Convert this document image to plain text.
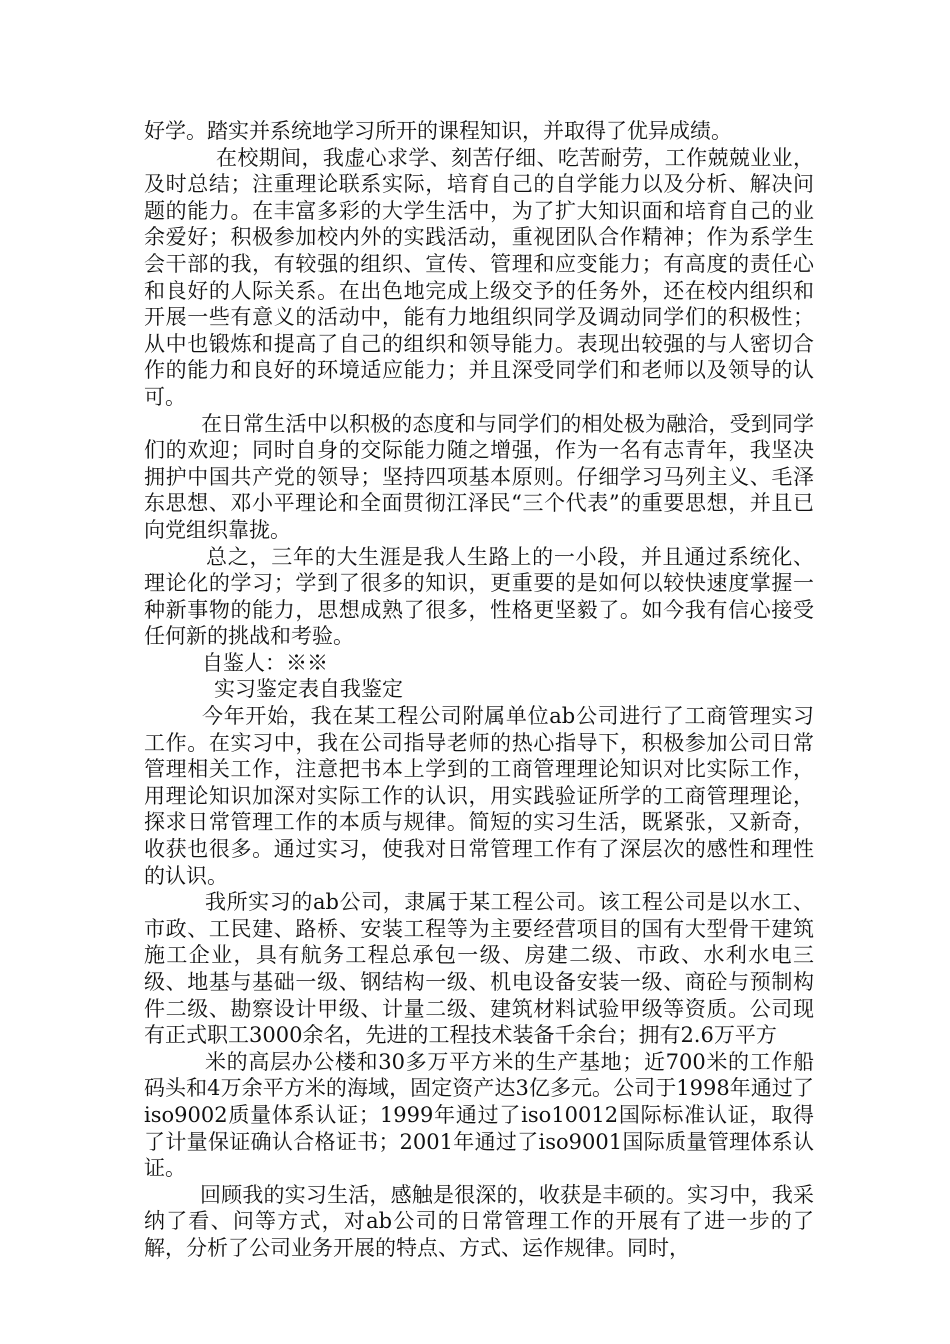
好学。踏实并系统地学习所开的课程知识，并取得了优异成绩。

在校期间，我虚心求学、刻苦仔细、吃苦耐劳，工作兢兢业业，及时总结；注重理论联系实际，培育自己的自学能力以及分析、解决问题的能力。在丰富多彩的大学生活中，为了扩大知识面和培育自己的业余爱好；积极参加校内外的实践活动，重视团队合作精神；作为系学生会干部的我，有较强的组织、宣传、管理和应变能力；有高度的责任心和良好的人际关系。在出色地完成上级交予的任务外，还在校内组织和开展一些有意义的活动中，能有力地组织同学及调动同学们的积极性；从中也锻炼和提高了自己的组织和领导能力。表现出较强的与人密切合作的能力和良好的环境适应能力；并且深受同学们和老师以及领导的认可。

在日常生活中以积极的态度和与同学们的相处极为融洽，受到同学们的欢迎；同时自身的交际能力随之增强，作为一名有志青年，我坚决拥护中国共产党的领导；坚持四项基本原则。仔细学习马列主义、毛泽东思想、邓小平理论和全面贯彻江泽民“三个代表”的重要思想，并且已向党组织靠拢。

总之，三年的大生涯是我人生路上的一小段，并且通过系统化、理论化的学习；学到了很多的知识，更重要的是如何以较快速度掌握一种新事物的能力，思想成熟了很多，性格更坚毅了。如今我有信心接受任何新的挑战和考验。

自鉴人：※※

实习鉴定表自我鉴定

今年开始，我在某工程公司附属单位ab公司进行了工商管理实习工作。在实习中，我在公司指导老师的热心指导下，积极参加公司日常管理相关工作，注意把书本上学到的工商管理理论知识对比实际工作，用理论知识加深对实际工作的认识，用实践验证所学的工商管理理论，探求日常管理工作的本质与规律。简短的实习生活，既紧张，又新奇，收获也很多。通过实习，使我对日常管理工作有了深层次的感性和理性的认识。

我所实习的ab公司，隶属于某工程公司。该工程公司是以水工、市政、工民建、路桥、安装工程等为主要经营项目的国有大型骨干建筑施工企业，具有航务工程总承包一级、房建二级、市政、水利水电三级、地基与基础一级、钢结构一级、机电设备安装一级、商砼与预制构件二级、勘察设计甲级、计量二级、建筑材料试验甲级等资质。公司现有正式职工3000余名，先进的工程技术装备千余台；拥有2.6万平方

米的高层办公楼和30多万平方米的生产基地；近700米的工作船码头和4万余平方米的海域，固定资产达3亿多元。公司于1998年通过了iso9002质量体系认证；1999年通过了iso10012国际标准认证，取得了计量保证确认合格证书；2001年通过了iso9001国际质量管理体系认证。

回顾我的实习生活，感触是很深的，收获是丰硕的。实习中，我采纳了看、问等方式，对ab公司的日常管理工作的开展有了进一步的了解，分析了公司业务开展的特点、方式、运作规律。同时，
